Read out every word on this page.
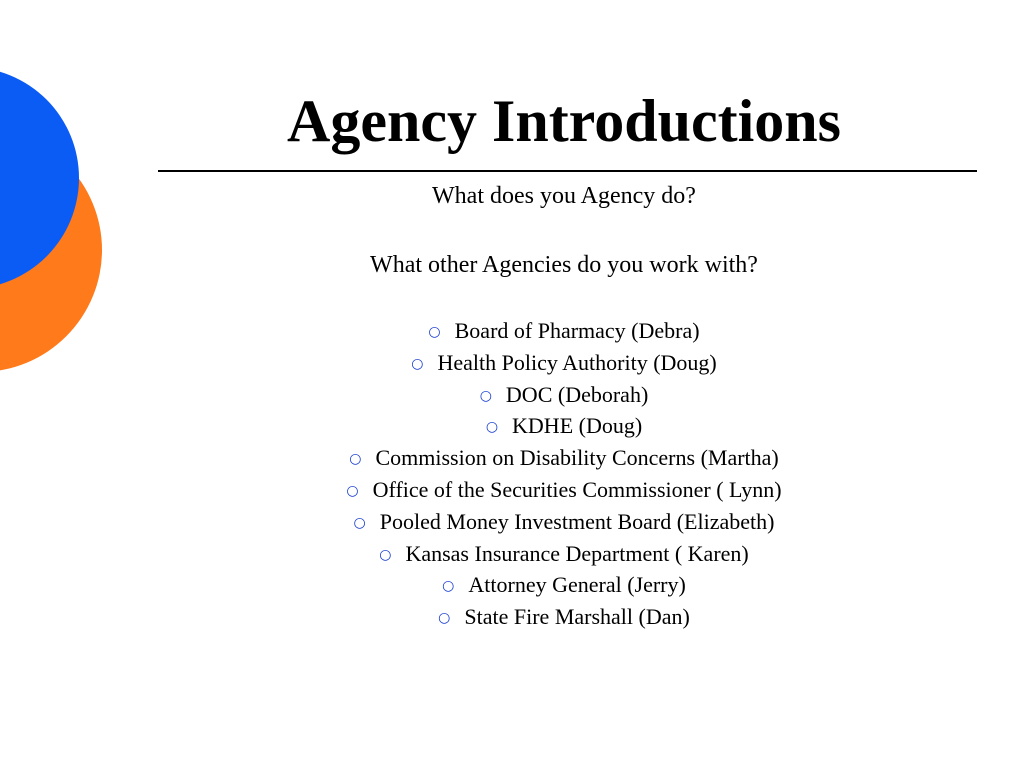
Agency Introductions

What does you Agency do?

What other Agencies do you work with?

○ Board of Pharmacy (Debra)
○ Health Policy Authority (Doug)
○ DOC (Deborah)
○ KDHE (Doug)
○ Commission on Disability Concerns (Martha)
○ Office of the Securities Commissioner ( Lynn)
○ Pooled Money Investment Board (Elizabeth)
○ Kansas Insurance Department ( Karen)
○ Attorney General (Jerry)
○ State Fire Marshall (Dan)
